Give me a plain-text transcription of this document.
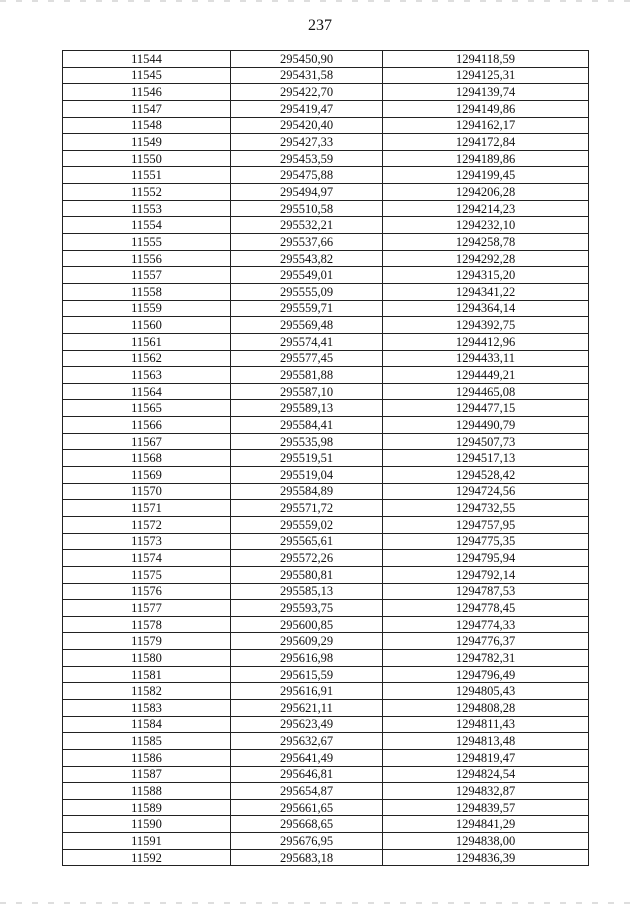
237
11544	295450,90	1294118,59
11545	295431,58	1294125,31
11546	295422,70	1294139,74
11547	295419,47	1294149,86
11548	295420,40	1294162,17
11549	295427,33	1294172,84
11550	295453,59	1294189,86
11551	295475,88	1294199,45
11552	295494,97	1294206,28
11553	295510,58	1294214,23
11554	295532,21	1294232,10
11555	295537,66	1294258,78
11556	295543,82	1294292,28
11557	295549,01	1294315,20
11558	295555,09	1294341,22
11559	295559,71	1294364,14
11560	295569,48	1294392,75
11561	295574,41	1294412,96
11562	295577,45	1294433,11
11563	295581,88	1294449,21
11564	295587,10	1294465,08
11565	295589,13	1294477,15
11566	295584,41	1294490,79
11567	295535,98	1294507,73
11568	295519,51	1294517,13
11569	295519,04	1294528,42
11570	295584,89	1294724,56
11571	295571,72	1294732,55
11572	295559,02	1294757,95
11573	295565,61	1294775,35
11574	295572,26	1294795,94
11575	295580,81	1294792,14
11576	295585,13	1294787,53
11577	295593,75	1294778,45
11578	295600,85	1294774,33
11579	295609,29	1294776,37
11580	295616,98	1294782,31
11581	295615,59	1294796,49
11582	295616,91	1294805,43
11583	295621,11	1294808,28
11584	295623,49	1294811,43
11585	295632,67	1294813,48
11586	295641,49	1294819,47
11587	295646,81	1294824,54
11588	295654,87	1294832,87
11589	295661,65	1294839,57
11590	295668,65	1294841,29
11591	295676,95	1294838,00
11592	295683,18	1294836,39
